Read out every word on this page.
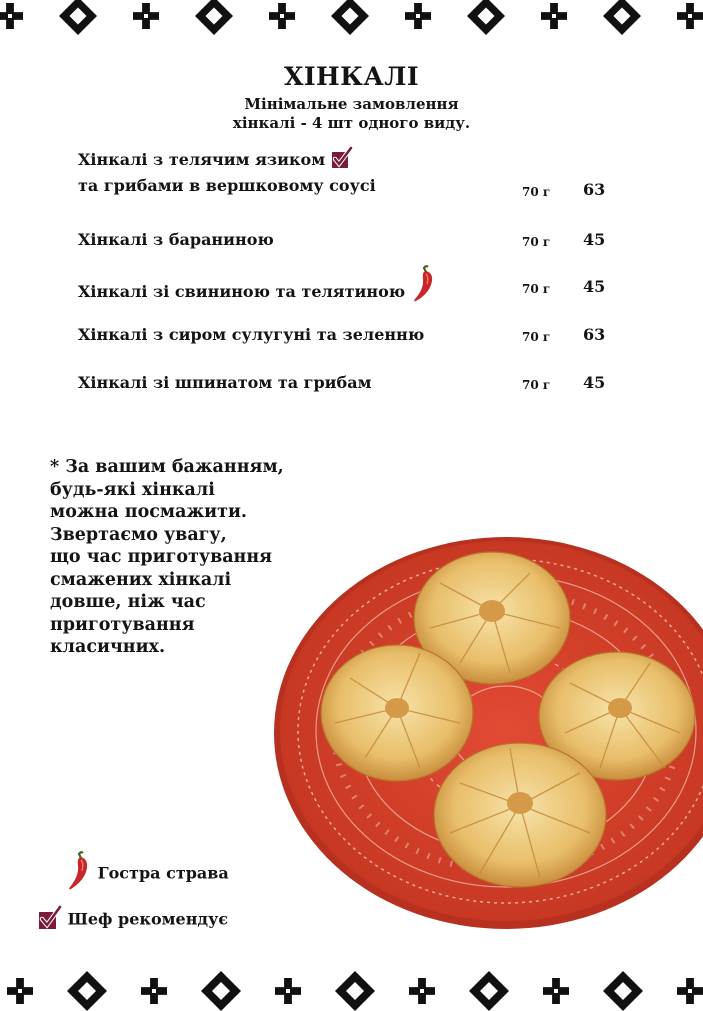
ХІНКАЛІ
Мінімальне замовлення
хінкалі - 4 шт одного виду.
Хінкалі з телячим язиком
та грибами в вершковому соусі	70 г 63
Хінкалі з бараниною	70 г 45
Хінкалі зі свининою та телятиною	70 г 45
Хінкалі з сиром сулугуні та зеленню	70 г 63
Хінкалі зі шпинатом та грибам	70 г 45
* За вашим бажанням,
будь-які хінкалі
можна посмажити.
Звертаємо увагу,
що час приготування
смажених хінкалі
довше, ніж час
приготування
класичних.
Гостра страва
Шеф рекомендує
